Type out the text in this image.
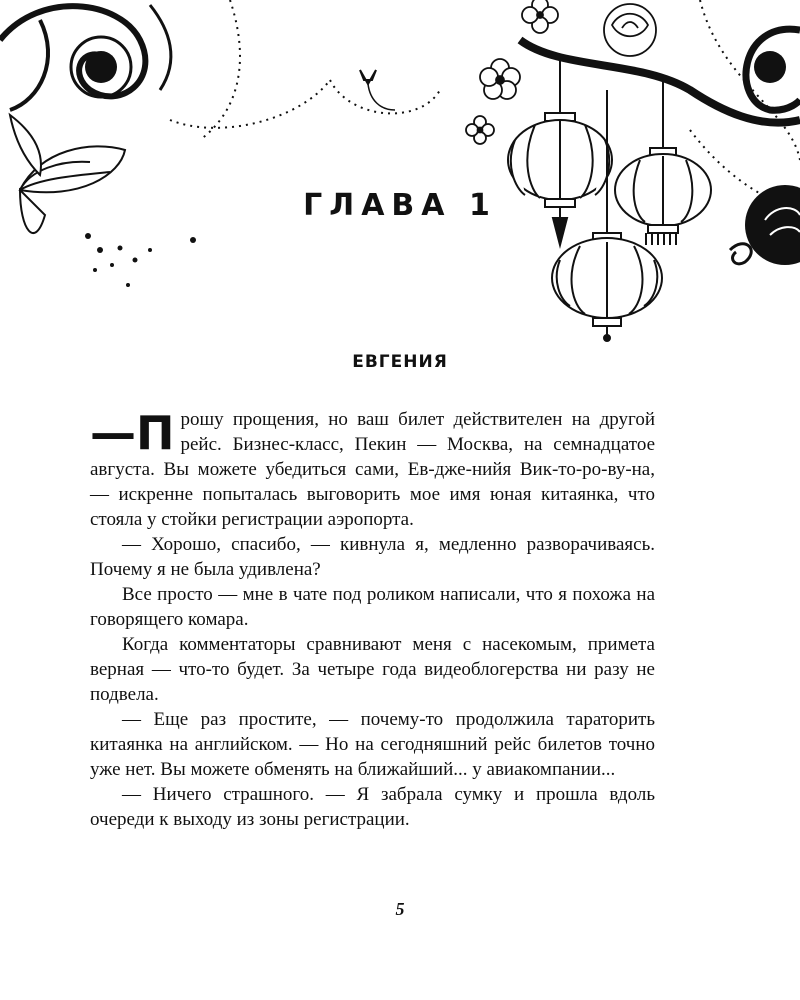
ГЛАВА 1
ЕВГЕНИЯ

—П рошу прощения, но ваш билет действителен на другой рейс. Бизнес-класс, Пекин — Москва, на семнадцатое августа. Вы можете убедиться сами, Ев-дже-нийя Вик-то-ро-ву-на, — искренне попыталась выговорить мое имя юная китаянка, что стояла у стойки регистрации аэропорта.

— Хорошо, спасибо, — кивнула я, медленно разворачиваясь. Почему я не была удивлена?

Все просто — мне в чате под роликом написали, что я похожа на говорящего комара.

Когда комментаторы сравнивают меня с насекомым, примета верная — что-то будет. За четыре года видеоблогерства ни разу не подвела.

— Еще раз простите, — почему-то продолжила тараторить китаянка на английском. — Но на сегодняшний рейс билетов точно уже нет. Вы можете обменять на ближайший... у авиакомпании...

— Ничего страшного. — Я забрала сумку и прошла вдоль очереди к выходу из зоны регистрации.

5
